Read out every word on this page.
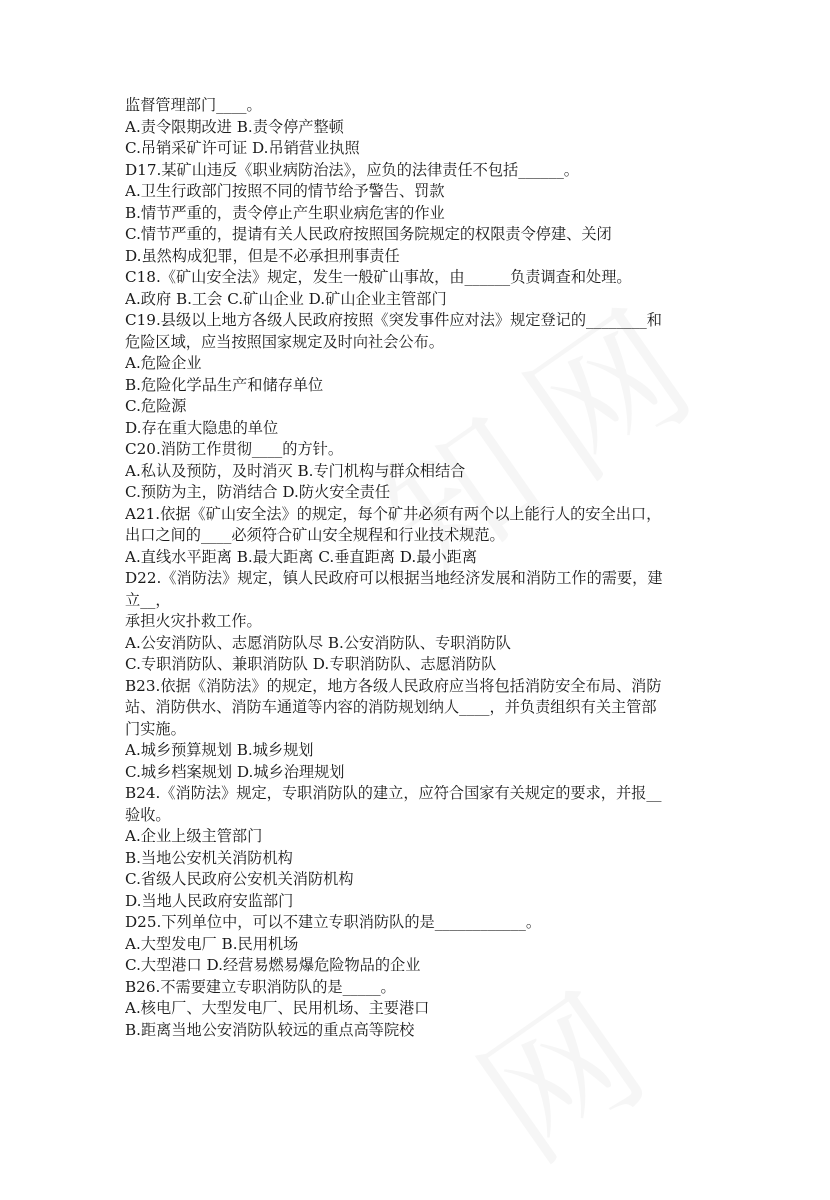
监督管理部门____。
A.责令限期改进 B.责令停产整顿
C.吊销采矿许可证 D.吊销营业执照
D17.某矿山违反《职业病防治法》，应负的法律责任不包括______。
A.卫生行政部门按照不同的情节给予警告、罚款
B.情节严重的，责令停止产生职业病危害的作业
C.情节严重的，提请有关人民政府按照国务院规定的权限责令停建、关闭
D.虽然构成犯罪，但是不必承担刑事责任
C18.《矿山安全法》规定，发生一般矿山事故，由______负责调查和处理。
A.政府 B.工会 C.矿山企业 D.矿山企业主管部门
C19.县级以上地方各级人民政府按照《突发事件应对法》规定登记的________和
危险区域，应当按照国家规定及时向社会公布。
A.危险企业
B.危险化学品生产和储存单位
C.危险源
D.存在重大隐患的单位
C20.消防工作贯彻____的方针。
A.私认及预防，及时消灭 B.专门机构与群众相结合
C.预防为主，防消结合 D.防火安全责任
A21.依据《矿山安全法》的规定，每个矿井必须有两个以上能行人的安全出口，
出口之间的____必须符合矿山安全规程和行业技术规范。
A.直线水平距离 B.最大距离 C.垂直距离 D.最小距离
D22.《消防法》规定，镇人民政府可以根据当地经济发展和消防工作的需要，建
立__，
承担火灾扑救工作。
A.公安消防队、志愿消防队尽 B.公安消防队、专职消防队
C.专职消防队、兼职消防队 D.专职消防队、志愿消防队
B23.依据《消防法》的规定，地方各级人民政府应当将包括消防安全布局、消防
站、消防供水、消防车通道等内容的消防规划纳人____，并负责组织有关主管部
门实施。
A.城乡预算规划 B.城乡规划
C.城乡档案规划 D.城乡治理规划
B24.《消防法》规定，专职消防队的建立，应符合国家有关规定的要求，并报__
验收。
A.企业上级主管部门
B.当地公安机关消防机构
C.省级人民政府公安机关消防机构
D.当地人民政府安监部门
D25.下列单位中，可以不建立专职消防队的是____________。
A.大型发电厂 B.民用机场
C.大型港口 D.经营易燃易爆危险物品的企业
B26.不需要建立专职消防队的是_____。
A.核电厂、大型发电厂、民用机场、主要港口
B.距离当地公安消防队较远的重点高等院校
